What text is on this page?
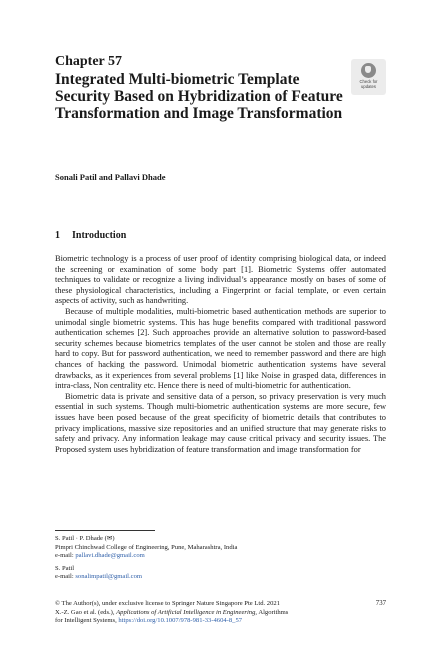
Chapter 57
Integrated Multi-biometric Template Security Based on Hybridization of Feature Transformation and Image Transformation
Check for
updates
Sonali Patil and Pallavi Dhade
1 Introduction

Biometric technology is a process of user proof of identity comprising biological data, or indeed the screening or examination of some body part [1]. Biometric Systems offer automated techniques to validate or recognize a living individual’s appearance mostly on bases of some of these physiological characteristics, including a Fingerprint or facial template, or even certain aspects of activity, such as handwriting.

Because of multiple modalities, multi-biometric based authentication methods are superior to unimodal single biometric systems. This has huge benefits compared with traditional password authentication schemes [2]. Such approaches provide an alternative solution to password-based security schemes because biometrics templates of the user cannot be stolen and those are really hard to copy. But for password authentication, we need to remember password and there are high chances of hacking the password. Unimodal biometric authentication systems have several drawbacks, as it experiences from several problems [1] like Noise in grasped data, differences in intra-class, Non centrality etc. Hence there is need of multi-biometric for authentication.

Biometric data is private and sensitive data of a person, so privacy preservation is very much essential in such systems. Though multi-biometric authentication systems are more secure, few issues have been posed because of the great specificity of biometric details that contributes to privacy implications, massive size repositories and an unified structure that may generate risks to safety and privacy. Any information leakage may cause critical privacy and security issues. The Proposed system uses hybridization of feature transformation and image transformation for

S. Patil · P. Dhade (✉)
Pimpri Chinchwad College of Engineering, Pune, Maharashtra, India
e-mail: pallavi.dhade@gmail.com
S. Patil
e-mail: sonalimpatil@gmail.com
© The Author(s), under exclusive license to Springer Nature Singapore Pte Ltd. 2021
X.-Z. Gao et al. (eds.), Applications of Artificial Intelligence in Engineering, Algorithms
for Intelligent Systems, https://doi.org/10.1007/978-981-33-4604-8_57
737
